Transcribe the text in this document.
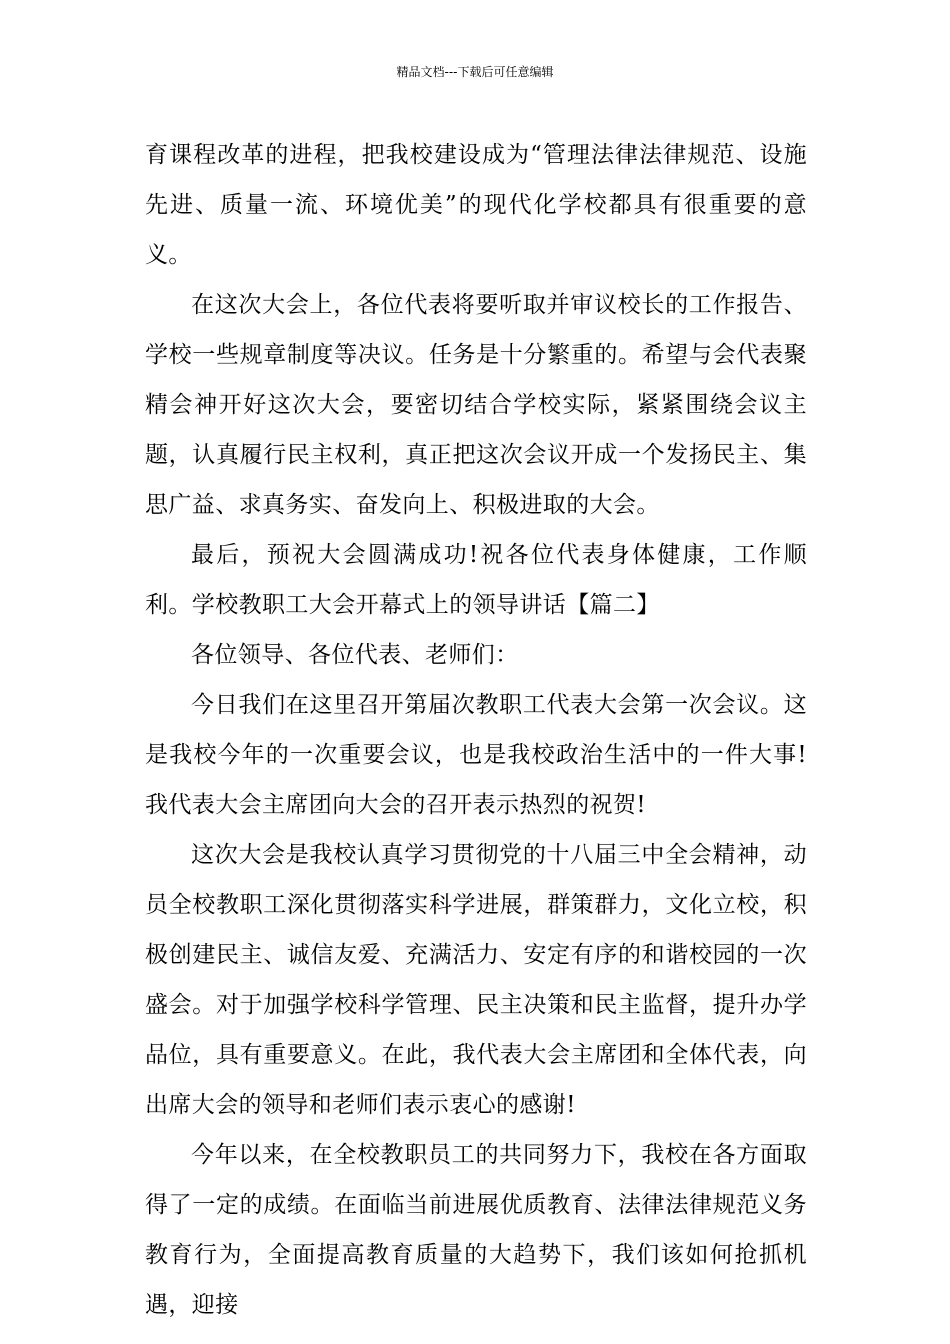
精品文档---下载后可任意编辑

育课程改革的进程，把我校建设成为“管理法律法律规范、设施先进、质量一流、环境优美”的现代化学校都具有很重要的意义。

在这次大会上，各位代表将要听取并审议校长的工作报告、学校一些规章制度等决议。任务是十分繁重的。希望与会代表聚精会神开好这次大会，要密切结合学校实际，紧紧围绕会议主题，认真履行民主权利，真正把这次会议开成一个发扬民主、集思广益、求真务实、奋发向上、积极进取的大会。

最后，预祝大会圆满成功!祝各位代表身体健康，工作顺利。学校教职工大会开幕式上的领导讲话【篇二】

各位领导、各位代表、老师们：

今日我们在这里召开第届次教职工代表大会第一次会议。这是我校今年的一次重要会议，也是我校政治生活中的一件大事!我代表大会主席团向大会的召开表示热烈的祝贺!

这次大会是我校认真学习贯彻党的十八届三中全会精神，动员全校教职工深化贯彻落实科学进展，群策群力，文化立校，积极创建民主、诚信友爱、充满活力、安定有序的和谐校园的一次盛会。对于加强学校科学管理、民主决策和民主监督，提升办学品位，具有重要意义。在此，我代表大会主席团和全体代表，向出席大会的领导和老师们表示衷心的感谢!

今年以来，在全校教职员工的共同努力下，我校在各方面取得了一定的成绩。在面临当前进展优质教育、法律法律规范义务教育行为，全面提高教育质量的大趋势下，我们该如何抢抓机遇，迎接
